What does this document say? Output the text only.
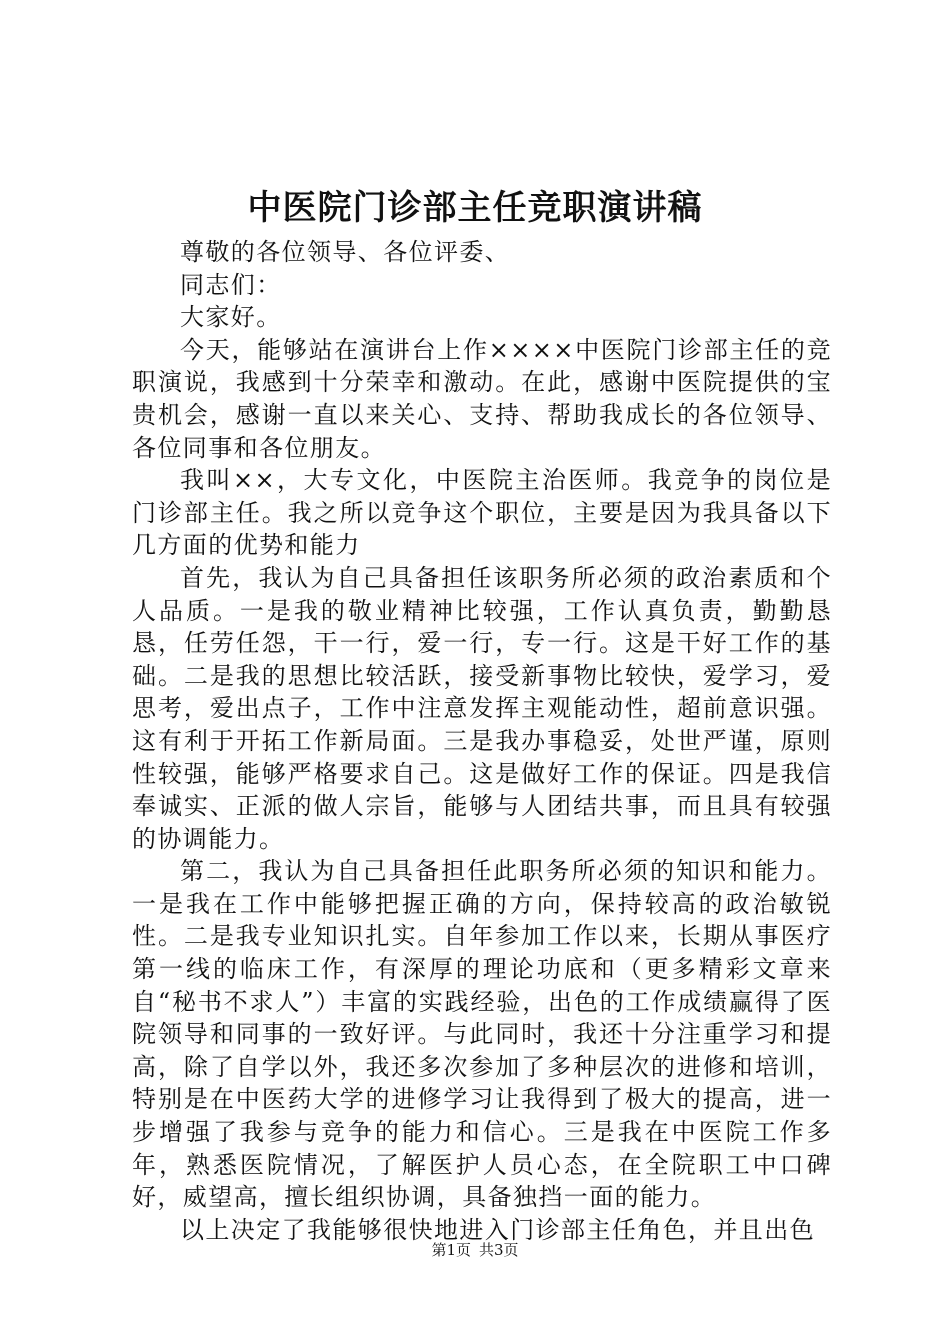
中医院门诊部主任竞职演讲稿

尊敬的各位领导、各位评委、

同志们：

大家好。

今天，能够站在演讲台上作××××中医院门诊部主任的竞职演说，我感到十分荣幸和激动。在此，感谢中医院提供的宝贵机会，感谢一直以来关心、支持、帮助我成长的各位领导、各位同事和各位朋友。

我叫××，大专文化，中医院主治医师。我竞争的岗位是门诊部主任。我之所以竞争这个职位，主要是因为我具备以下几方面的优势和能力

首先，我认为自己具备担任该职务所必须的政治素质和个人品质。一是我的敬业精神比较强，工作认真负责，勤勤恳恳，任劳任怨，干一行，爱一行，专一行。这是干好工作的基础。二是我的思想比较活跃，接受新事物比较快，爱学习，爱思考，爱出点子，工作中注意发挥主观能动性，超前意识强。这有利于开拓工作新局面。三是我办事稳妥，处世严谨，原则性较强，能够严格要求自己。这是做好工作的保证。四是我信奉诚实、正派的做人宗旨，能够与人团结共事，而且具有较强的协调能力。

第二，我认为自己具备担任此职务所必须的知识和能力。一是我在工作中能够把握正确的方向，保持较高的政治敏锐性。二是我专业知识扎实。自年参加工作以来，长期从事医疗第一线的临床工作，有深厚的理论功底和（更多精彩文章来自“秘书不求人”）丰富的实践经验，出色的工作成绩赢得了医院领导和同事的一致好评。与此同时，我还十分注重学习和提高，除了自学以外，我还多次参加了多种层次的进修和培训，特别是在中医药大学的进修学习让我得到了极大的提高，进一步增强了我参与竞争的能力和信心。三是我在中医院工作多年，熟悉医院情况，了解医护人员心态，在全院职工中口碑好，威望高，擅长组织协调，具备独挡一面的能力。

以上决定了我能够很快地进入门诊部主任角色，并且出色

第1页 共3页
